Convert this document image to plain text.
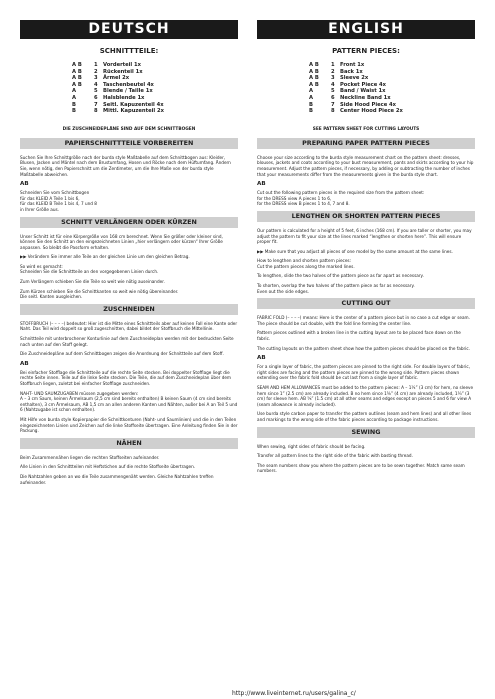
DEUTSCH
SCHNITTTEILE:
A B	1	Vorderteil 1x
A B	2	Rückenteil 1x
A B	3	Ärmel 2x
A B	4	Taschenbeutel 4x
A	5	Blende / Taille 1x
A	6	Halsblende 1x
B	7	Seitl. Kapuzenteil 4x
B	8	Mittl. Kapuzenteil 2x
DIE ZUSCHNEIDEPLÄNE SIND AUF DEM SCHNITTBOGEN
PAPIERSCHNITTTEILE VORBEREITEN

Suchen Sie Ihre Schnittgröße nach der burda style Maßtabelle auf dem Schnittbogen aus: Kleider, Blusen, Jacken und Mäntel nach dem Brustumfang, Hosen und Röcke nach dem Hüftumfang. Ändern Sie, wenn nötig, den Papierschnitt um die Zentimeter, um die Ihre Maße von der burda style Maßtabelle abweichen.

AB

Schneiden Sie vom Schnittbogen
für das KLEID A Teile 1 bis 6,
für das KLEID B Teile 1 bis 4, 7 und 8
in Ihrer Größe aus.

SCHNITT VERLÄNGERN ODER KÜRZEN

Unser Schnitt ist für eine Körpergröße von 168 cm berechnet. Wenn Sie größer oder kleiner sind, können Sie den Schnitt an den eingezeichneten Linien „hier verlängern oder kürzen“ Ihrer Größe anpassen. So bleibt die Passform erhalten.

▶▶ Verändern Sie immer alle Teile an der gleichen Linie um den gleichen Betrag.

So wird es gemacht:
Schneiden Sie die Schnittteile an den vorgegebenen Linien durch.

Zum Verlängern schieben Sie die Teile so weit wie nötig auseinander.

Zum Kürzen schieben Sie die Schnittkanten so weit wie nötig übereinander.
Die seitl. Kanten ausgleichen.

ZUSCHNEIDEN

STOFFBRUCH (– – – –) bedeutet: Hier ist die Mitte eines Schnittteils aber auf keinen Fall eine Kante oder Naht. Das Teil wird doppelt so groß zugeschnitten, dabei bildet der Stoffbruch die Mittellinie.

Schnittteile mit unterbrochener Konturlinie auf dem Zuschneideplan werden mit der bedruckten Seite nach unten auf den Stoff gelegt.

Die Zuschneidepläne auf dem Schnittbogen zeigen die Anordnung der Schnittteile auf dem Stoff.

AB

Bei einfacher Stofflage die Schnittteile auf die rechte Seite stecken. Bei doppelter Stofflage liegt die rechte Seite innen. Teile auf die linke Seite stecken. Die Teile, die auf dem Zuschneideplan über dem Stoffbruch liegen, zuletzt bei einfacher Stofflage zuschneiden.

NAHT- UND SAUMZUGABEN müssen zugegeben werden:
A – 3 cm Saum, keinen Ärmelsaum (2,5 cm sind bereits enthalten) B keinen Saum (4 cm sind bereits enthalten), 3 cm Ärmelsaum, AB 1,5 cm an allen anderen Kanten und Nähten, außer bei A an Teil 5 und 6 (Nahtzugabe ist schon enthalten).

Mit Hilfe von burda style Kopierpapier die Schnittkonturen (Naht- und Saumlinien) und die in den Teilen eingezeichneten Linien und Zeichen auf die linke Stoffseite übertragen. Eine Anleitung finden Sie in der Packung.

NÄHEN

Beim Zusammennähen liegen die rechten Stoffseiten aufeinander.

Alle Linien in den Schnittteilen mit Heftstichen auf die rechte Stoffseite übertragen.

Die Nahtzahlen geben an wo die Teile zusammengenäht werden. Gleiche Nahtzahlen treffen aufeinander.

ENGLISH
PATTERN PIECES:
A B	1	Front 1x
A B	2	Back 1x
A B	3	Sleeve 2x
A B	4	Pocket Piece 4x
A	5	Band / Waist 1x
A	6	Neckline Band 1x
B	7	Side Hood Piece 4x
B	8	Center Hood Piece 2x
SEE PATTERN SHEET FOR CUTTING LAYOUTS
PREPARING PAPER PATTERN PIECES

Choose your size according to the burda style measurement chart on the pattern sheet: dresses, blouses, jackets and coats according to your bust measurement, pants and skirts according to your hip measurement. Adjust the pattern pieces, if necessary, by adding or subtracting the number of inches that your measurements differ from the measurements given in the burda style chart.

AB

Cut out the following pattern pieces in the required size from the pattern sheet:
for the DRESS view A pieces 1 to 6,
for the DRESS view B pieces 1 to 4, 7 and 8.

LENGTHEN OR SHORTEN PATTERN PIECES

Our pattern is calculated for a height of 5 feet, 6 inches (168 cm). If you are taller or shorter, you may adjust the pattern to fit your size at the lines marked “lengthen or shorten here”. This will ensure proper fit.

▶▶ Make sure that you adjust all pieces of one model by the same amount at the same lines.

How to lengthen and shorten pattern pieces:
Cut the pattern pieces along the marked lines.

To lengthen, slide the two halves of the pattern piece as far apart as necessary.

To shorten, overlap the two halves of the pattern piece as far as necessary.
Even out the side edges.

CUTTING OUT

FABRIC FOLD (– – – –) means: Here is the center of a pattern piece but in no case a cut edge or seam. The piece should be cut double, with the fold line forming the center line.

Pattern pieces outlined with a broken line in the cutting layout are to be placed face down on the fabric.

The cutting layouts on the pattern sheet show how the pattern pieces should be placed on the fabric.

AB

For a single layer of fabric, the pattern pieces are pinned to the right side. For double layers of fabric, right sides are facing and the pattern pieces are pinned to the wrong side. Pattern pieces shown extending over the fabric fold should be cut last from a single layer of fabric.

SEAM AND HEM ALLOWANCES must be added to the pattern pieces: A – 1¼” (3 cm) for hem, no sleeve hem since 1” (2.5 cm) are already included. B no hem since 1⅝” (4 cm) are already included, 1¼” (3 cm) for sleeve hem. AB ⅝” (1.5 cm) at all other seams and edges except on pieces 5 and 6 for view A (seam allowance is already included).

Use burda style carbon paper to transfer the pattern outlines (seam and hem lines) and all other lines and markings to the wrong side of the fabric pieces according to package instructions.

SEWING

When sewing, right sides of fabric should be facing.

Transfer all pattern lines to the right side of the fabric with basting thread.

The seam numbers show you where the pattern pieces are to be sewn together. Match same seam numbers.

http://www.liveinternet.ru/users/galina_c/
